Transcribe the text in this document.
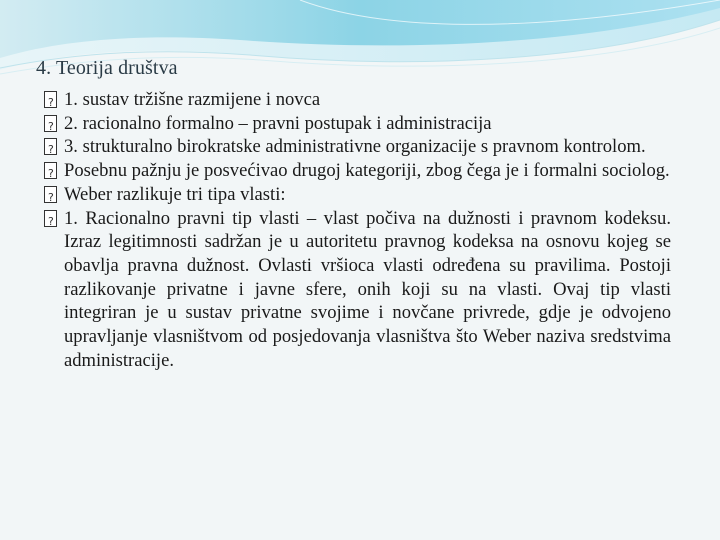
4. Teorija društva
?
1. sustav tržišne razmijene i novca
?
2. racionalno formalno – pravni postupak i administracija
?
3. strukturalno birokratske administrativne organizacije s pravnom kontrolom.
?
Posebnu pažnju je posvećivao drugoj kategoriji, zbog čega je i formalni sociolog.
?
Weber razlikuje tri tipa vlasti:
?
1. Racionalno pravni tip vlasti – vlast počiva na dužnosti i pravnom kodeksu. Izraz legitimnosti sadržan je u autoritetu pravnog kodeksa na osnovu kojeg se obavlja pravna dužnost. Ovlasti vršioca vlasti određena su pravilima. Postoji razlikovanje privatne i javne sfere, onih koji su na vlasti. Ovaj tip vlasti integriran je u sustav privatne svojime i novčane privrede, gdje je odvojeno upravljanje vlasništvom od posjedovanja vlasništva što Weber naziva sredstvima administracije.
